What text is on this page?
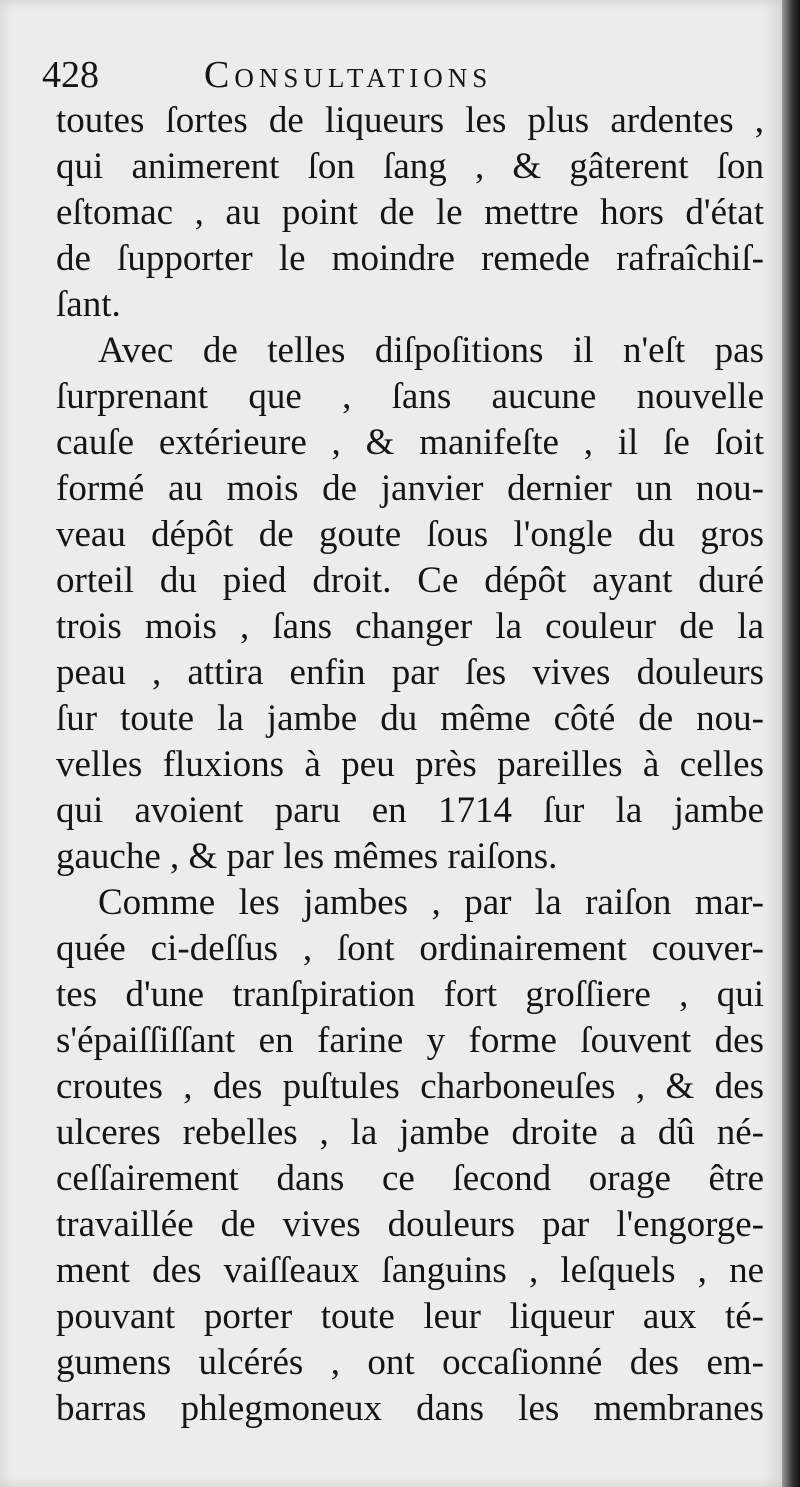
428	Consultations
toutes ſortes de liqueurs les plus ardentes ,
qui animerent ſon ſang , & gâterent ſon
eſtomac , au point de le mettre hors d'état
de ſupporter le moindre remede rafraîchiſ-
ſant.
Avec de telles diſpoſitions il n'eſt pas
ſurprenant que , ſans aucune nouvelle
cauſe extérieure , & manifeſte , il ſe ſoit
formé au mois de janvier dernier un nou-
veau dépôt de goute ſous l'ongle du gros
orteil du pied droit. Ce dépôt ayant duré
trois mois , ſans changer la couleur de la
peau , attira enfin par ſes vives douleurs
ſur toute la jambe du même côté de nou-
velles fluxions à peu près pareilles à celles
qui avoient paru en 1714 ſur la jambe
gauche , & par les mêmes raiſons.
Comme les jambes , par la raiſon mar-
quée ci-deſſus , ſont ordinairement couver-
tes d'une tranſpiration fort groſſiere , qui
s'épaiſſiſſant en farine y forme ſouvent des
croutes , des puſtules charboneuſes , & des
ulceres rebelles , la jambe droite a dû né-
ceſſairement dans ce ſecond orage être
travaillée de vives douleurs par l'engorge-
ment des vaiſſeaux ſanguins , leſquels , ne
pouvant porter toute leur liqueur aux té-
gumens ulcérés , ont occaſionné des em-
barras phlegmoneux dans les membranes
